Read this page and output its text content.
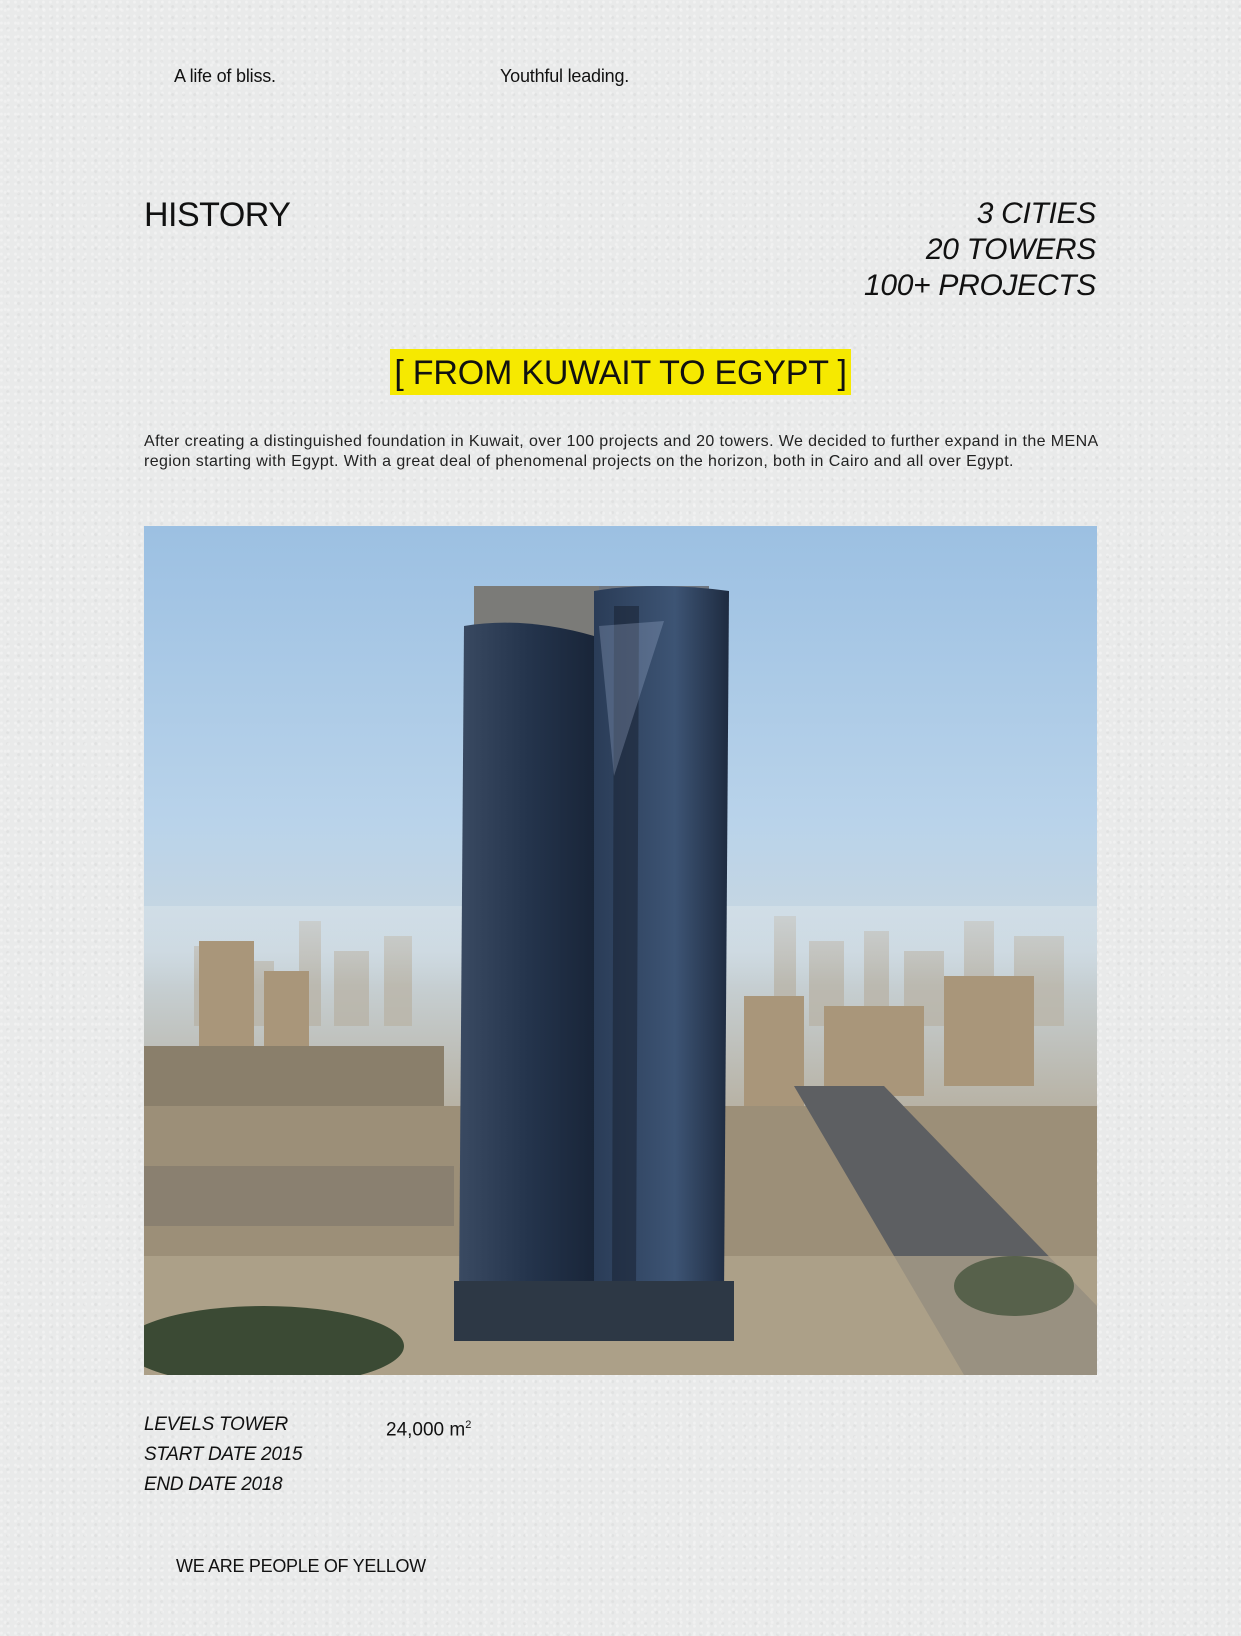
A life of bliss.	Youthful leading.
HISTORY	3 CITIES
20 TOWERS
100+ PROJECTS
[ FROM KUWAIT TO EGYPT ]
After creating a distinguished foundation in Kuwait, over 100 projects and 20 towers. We decided to further expand in the MENA region starting with Egypt. With a great deal of phenomenal projects on the horizon, both in Cairo and all over Egypt.
LEVELS TOWER
START DATE 2015
END DATE 2018
24,000 $m^2$
WE ARE PEOPLE OF YELLOW
